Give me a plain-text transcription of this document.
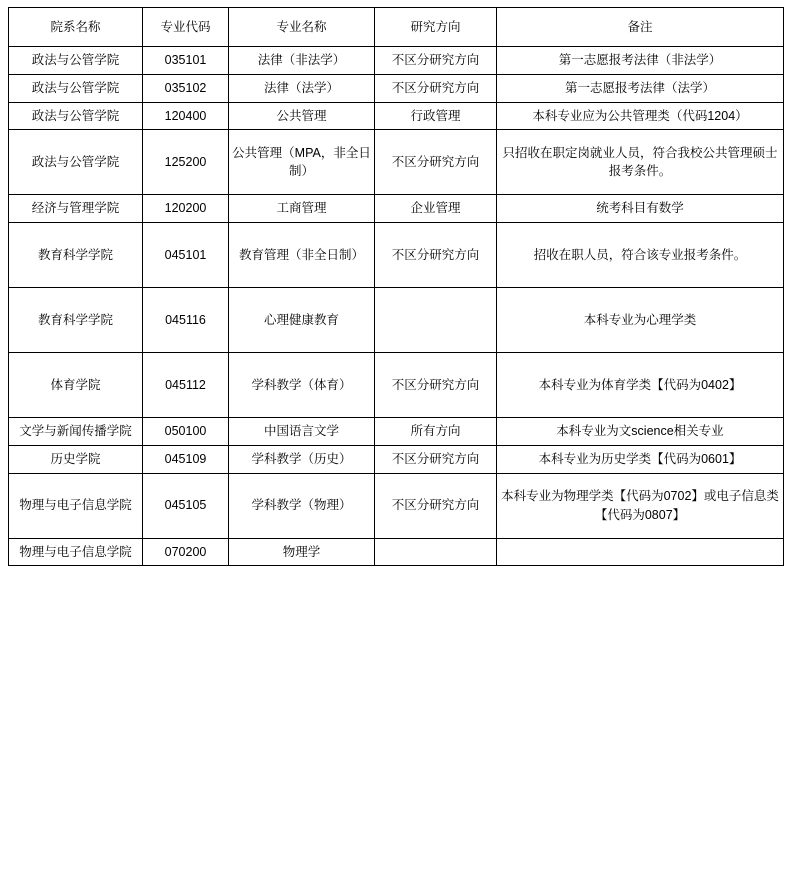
院系名称	专业代码	专业名称	研究方向	备注
政法与公管学院	035101	法律（非法学）	不区分研究方向	第一志愿报考法律（非法学）
政法与公管学院	035102	法律（法学）	不区分研究方向	第一志愿报考法律（法学）
政法与公管学院	120400	公共管理	行政管理	本科专业应为公共管理类（代码1204）
政法与公管学院	125200	公共管理（MPA，非全日制）	不区分研究方向	只招收在职定岗就业人员，符合我校公共管理硕士报考条件。
经济与管理学院	120200	工商管理	企业管理	统考科目有数学
教育科学学院	045101	教育管理（非全日制）	不区分研究方向	招收在职人员，符合该专业报考条件。
教育科学学院	045116	心理健康教育		本科专业为心理学类
体育学院	045112	学科教学（体育）	不区分研究方向	本科专业为体育学类【代码为0402】
文学与新闻传播学院	050100	中国语言文学	所有方向	本科专业为文science相关专业
历史学院	045109	学科教学（历史）	不区分研究方向	本科专业为历史学类【代码为0601】
物理与电子信息学院	045105	学科教学（物理）	不区分研究方向	本科专业为物理学类【代码为0702】或电子信息类【代码为0807】
物理与电子信息学院	070200	物理学		
